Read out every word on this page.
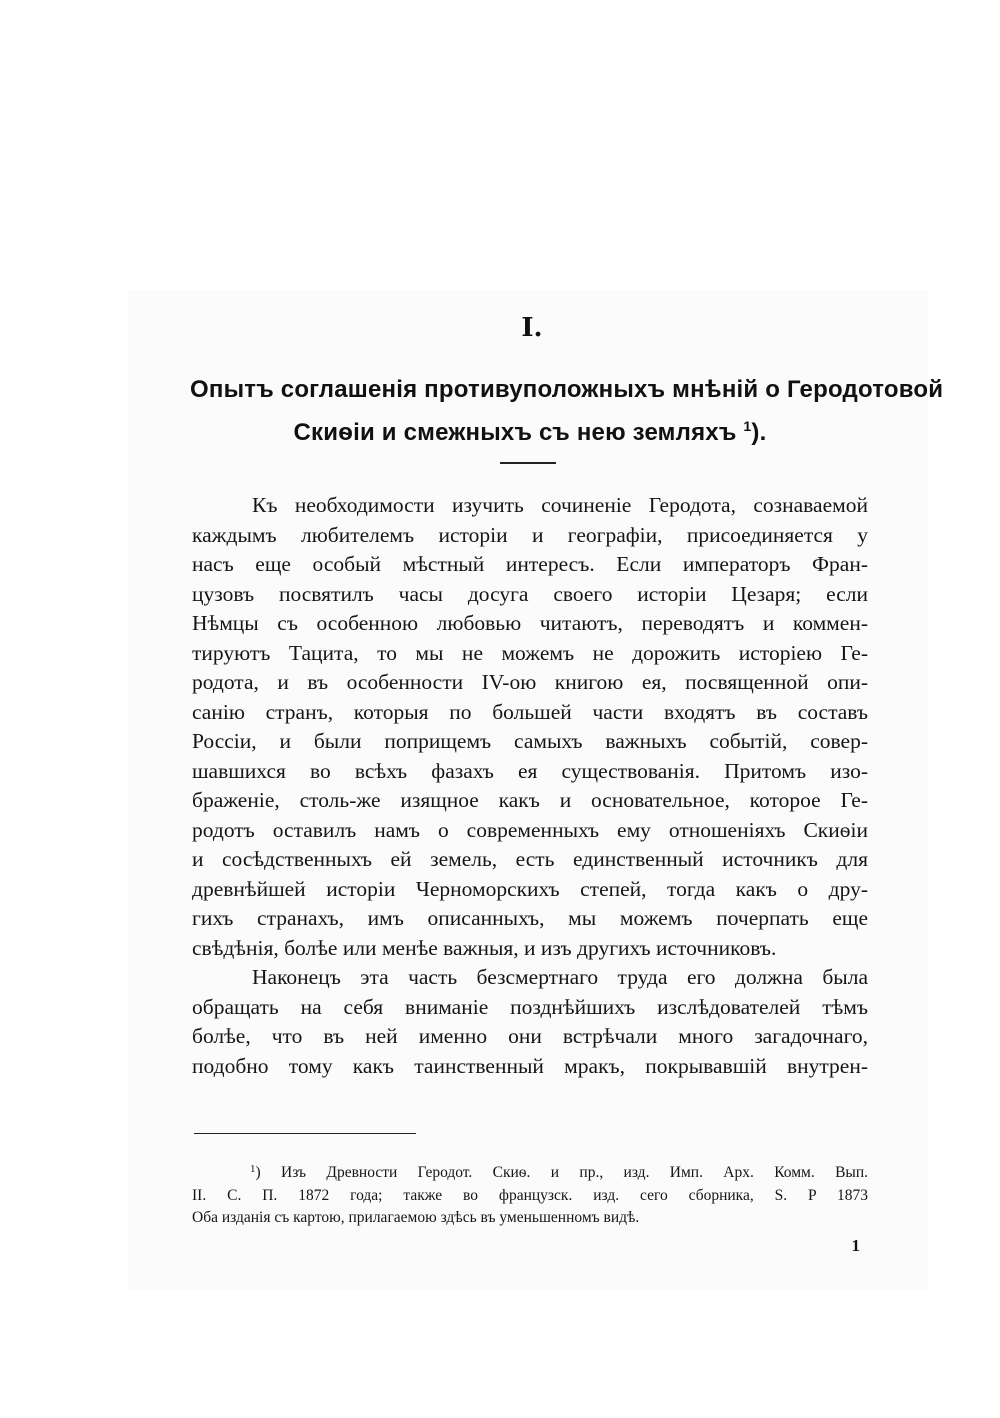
I.
Опытъ соглашенія противуположныхъ мнѣній о Геродотовой
Скиѳіи и смежныхъ съ нею земляхъ $^1$).
Къ необходимости изучить сочиненіе Геродота, сознаваемой
каждымъ любителемъ исторіи и географіи, присоединяется у
насъ еще особый мѣстный интересъ. Если императоръ Фран-
цузовъ посвятилъ часы досуга своего исторіи Цезаря; если
Нѣмцы съ особенною любовью читаютъ, переводятъ и коммен-
тируютъ Тацита, то мы не можемъ не дорожить исторіею Ге-
родота, и въ особенности IV-ою книгою ея, посвященной опи-
санію странъ, которыя по большей части входятъ въ составъ
Россіи, и были поприщемъ самыхъ важныхъ событій, совер-
шавшихся во всѣхъ фазахъ ея существованія. Притомъ изо-
браженіе, столь-же изящное какъ и основательное, которое Ге-
родотъ оставилъ намъ о современныхъ ему отношеніяхъ Скиѳіи
и сосѣдственныхъ ей земель, есть единственный источникъ для
древнѣйшей исторіи Черноморскихъ степей, тогда какъ о дру-
гихъ странахъ, имъ описанныхъ, мы можемъ почерпать еще
свѣдѣнія, болѣе или менѣе важныя, и изъ другихъ источниковъ.
Наконецъ эта часть безсмертнаго труда его должна была
обращать на себя вниманіе позднѣйшихъ изслѣдователей тѣмъ
болѣе, что въ ней именно они встрѣчали много загадочнаго,
подобно тому какъ таинственный мракъ, покрывавшій внутрен-
$^1$) Изъ Древности Геродот. Скиѳ. и пр., изд. Имп. Арх. Комм. Вып.
II. С. П. 1872 года; также во французск. изд. сего сборника, S. P 1873
Оба изданія съ картою, прилагаемою здѣсь въ уменьшенномъ видѣ.
1
